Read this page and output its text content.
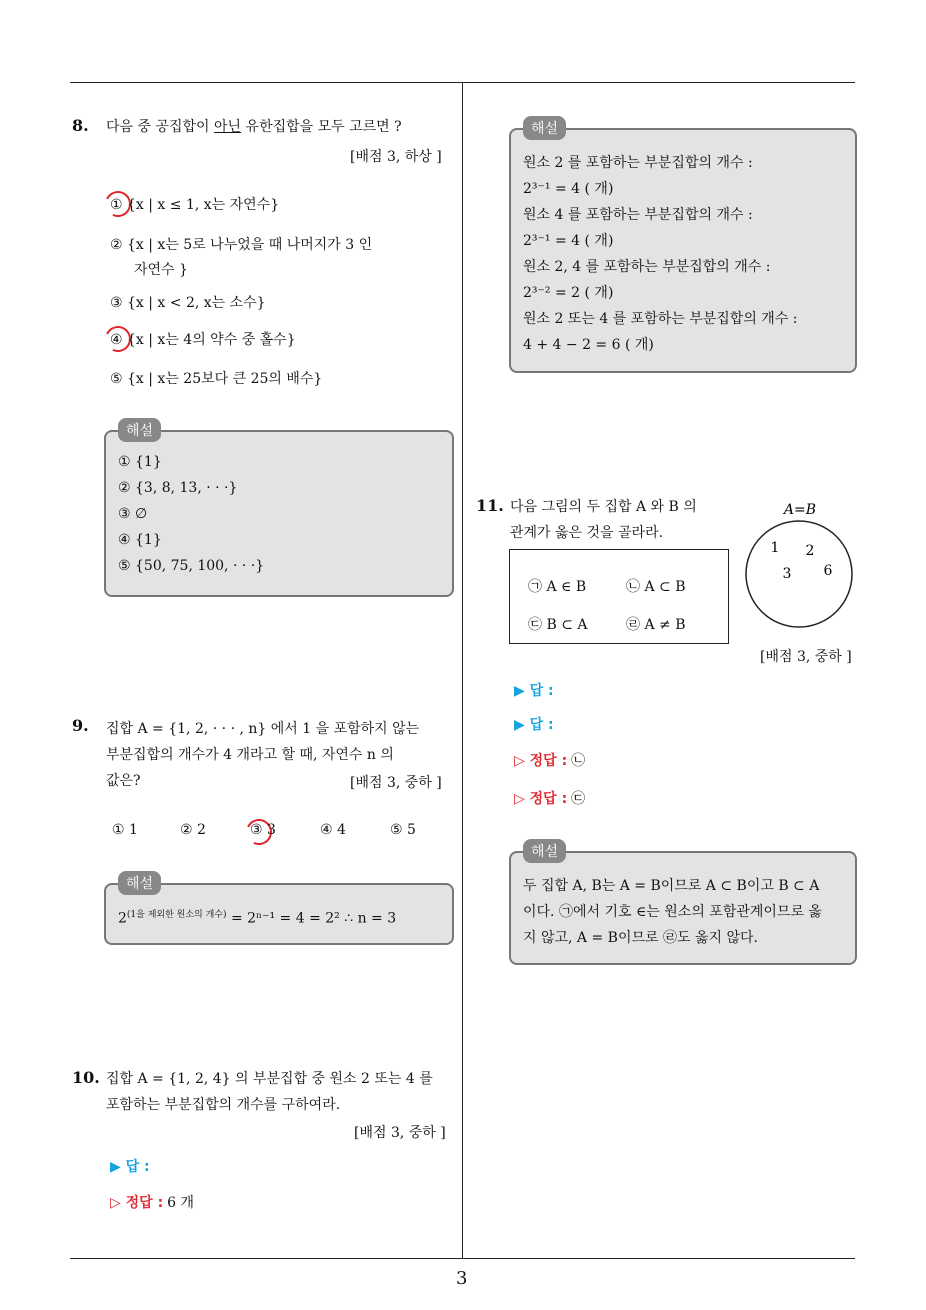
3
8. 다음 중 공집합이 아닌 유한집합을 모두 고르면 ?
[배점 3, 하상 ]
① {x | x ≤ 1, x는 자연수}
② {x | x는 5로 나누었을 때 나머지가 3 인
자연수 }
③ {x | x < 2, x는 소수}
④ {x | x는 4의 약수 중 홀수}
⑤ {x | x는 25보다 큰 25의 배수}
해설
① {1}
② {3, 8, 13, · · ·}
③ ∅
④ {1}
⑤ {50, 75, 100, · · ·}
9. 집합 A = {1, 2, · · · , n} 에서 1 을 포함하지 않는
부분집합의 개수가 4 개라고 할 때, 자연수 n 의
값은?	[배점 3, 중하 ]
① 1	② 2	③ 3	④ 4	⑤ 5
해설
$2^{(1을 제외한 원소의 개수)} = 2^{n-1} = 4 = 2^2$ ∴ n = 3
10. 집합 A = {1, 2, 4} 의 부분집합 중 원소 2 또는 4 를
포함하는 부분집합의 개수를 구하여라.
[배점 3, 중하 ]
▶ 답 :
▷ 정답 : 6 개
해설
원소 2 를 포함하는 부분집합의 개수 :
2³⁻¹ = 4 ( 개)
원소 4 를 포함하는 부분집합의 개수 :
2³⁻¹ = 4 ( 개)
원소 2, 4 를 포함하는 부분집합의 개수 :
2³⁻² = 2 ( 개)
원소 2 또는 4 를 포함하는 부분집합의 개수 :
4 + 4 − 2 = 6 ( 개)
11. 다음 그림의 두 집합 A 와 B 의
관계가 옳은 것을 골라라.
㉠ A ∈ B	㉡ A ⊂ B
㉢ B ⊂ A	㉣ A ≠ B
A=B
1 2
3 6
[배점 3, 중하 ]
▶ 답 :
▶ 답 :
▷ 정답 : ㉡
▷ 정답 : ㉢
해설
두 집합 A, B는 A = B이므로 A ⊂ B이고 B ⊂ A
이다. ㉠에서 기호 ∈는 원소의 포함관계이므로 옳
지 않고, A = B이므로 ㉣도 옳지 않다.
